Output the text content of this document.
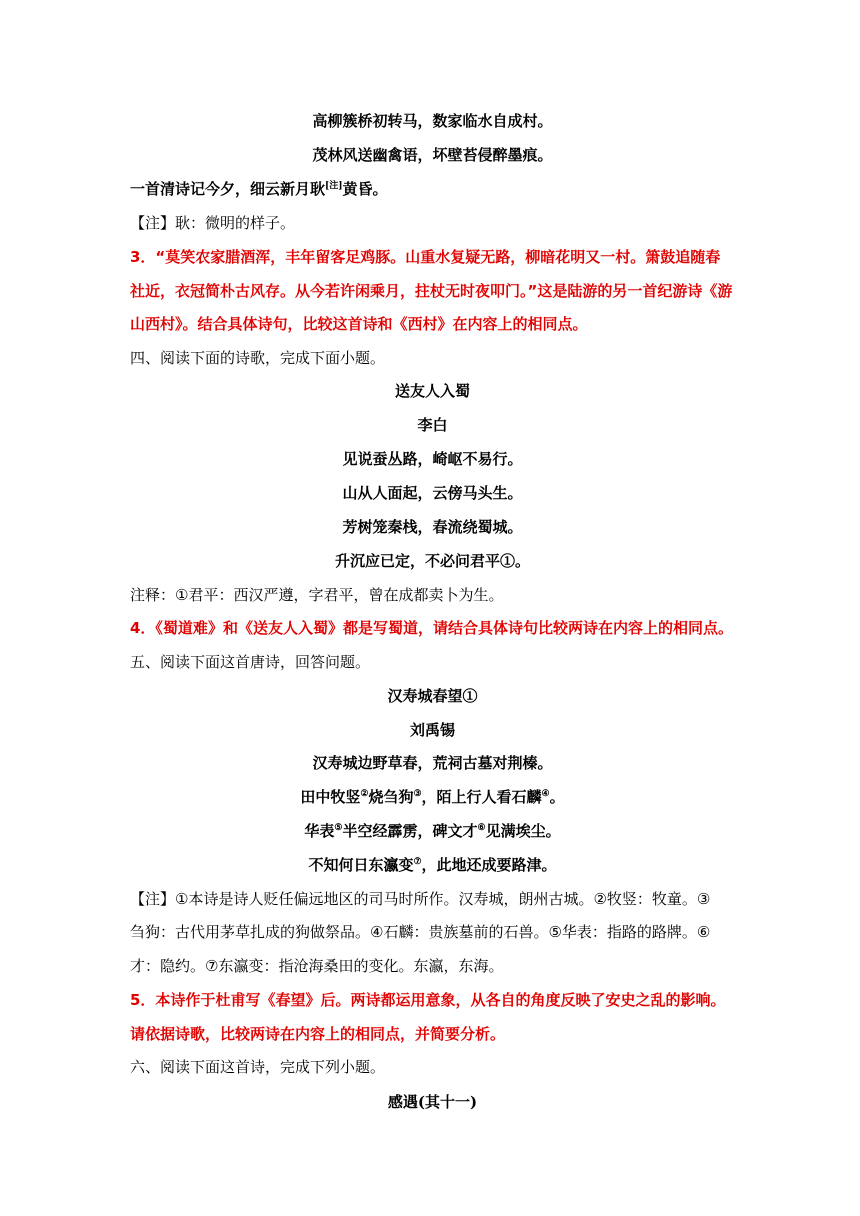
高柳簇桥初转马，数家临水自成村。
茂林风送幽禽语，坏壁苔侵醉墨痕。
一首清诗记今夕，细云新月耿[注]黄昏。
【注】耿：微明的样子。
3．“莫笑农家腊酒浑，丰年留客足鸡豚。山重水复疑无路，柳暗花明又一村。箫鼓追随春
社近，衣冠简朴古风存。从今若许闲乘月，拄杖无时夜叩门。”这是陆游的另一首纪游诗《游
山西村》。结合具体诗句，比较这首诗和《西村》在内容上的相同点。
四、阅读下面的诗歌，完成下面小题。
送友人入蜀
李白
见说蚕丛路，崎岖不易行。
山从人面起，云傍马头生。
芳树笼秦栈，春流绕蜀城。
升沉应已定，不必问君平①。
注释：①君平：西汉严遵，字君平，曾在成都卖卜为生。
4．《蜀道难》和《送友人入蜀》都是写蜀道，请结合具体诗句比较两诗在内容上的相同点。
五、阅读下面这首唐诗，回答问题。
汉寿城春望①
刘禹锡
汉寿城边野草春，荒祠古墓对荆榛。
田中牧竖②烧刍狗③，陌上行人看石麟④。
华表⑤半空经霹雳，碑文才⑥见满埃尘。
不知何日东瀛变⑦，此地还成要路津。
【注】①本诗是诗人贬任偏远地区的司马时所作。汉寿城，朗州古城。②牧竖：牧童。③
刍狗：古代用茅草扎成的狗做祭品。④石麟：贵族墓前的石兽。⑤华表：指路的路牌。⑥
才：隐约。⑦东瀛变：指沧海桑田的变化。东瀛，东海。
5．本诗作于杜甫写《春望》后。两诗都运用意象，从各自的角度反映了安史之乱的影响。
请依据诗歌，比较两诗在内容上的相同点，并简要分析。
六、阅读下面这首诗，完成下列小题。
感遇(其十一)
